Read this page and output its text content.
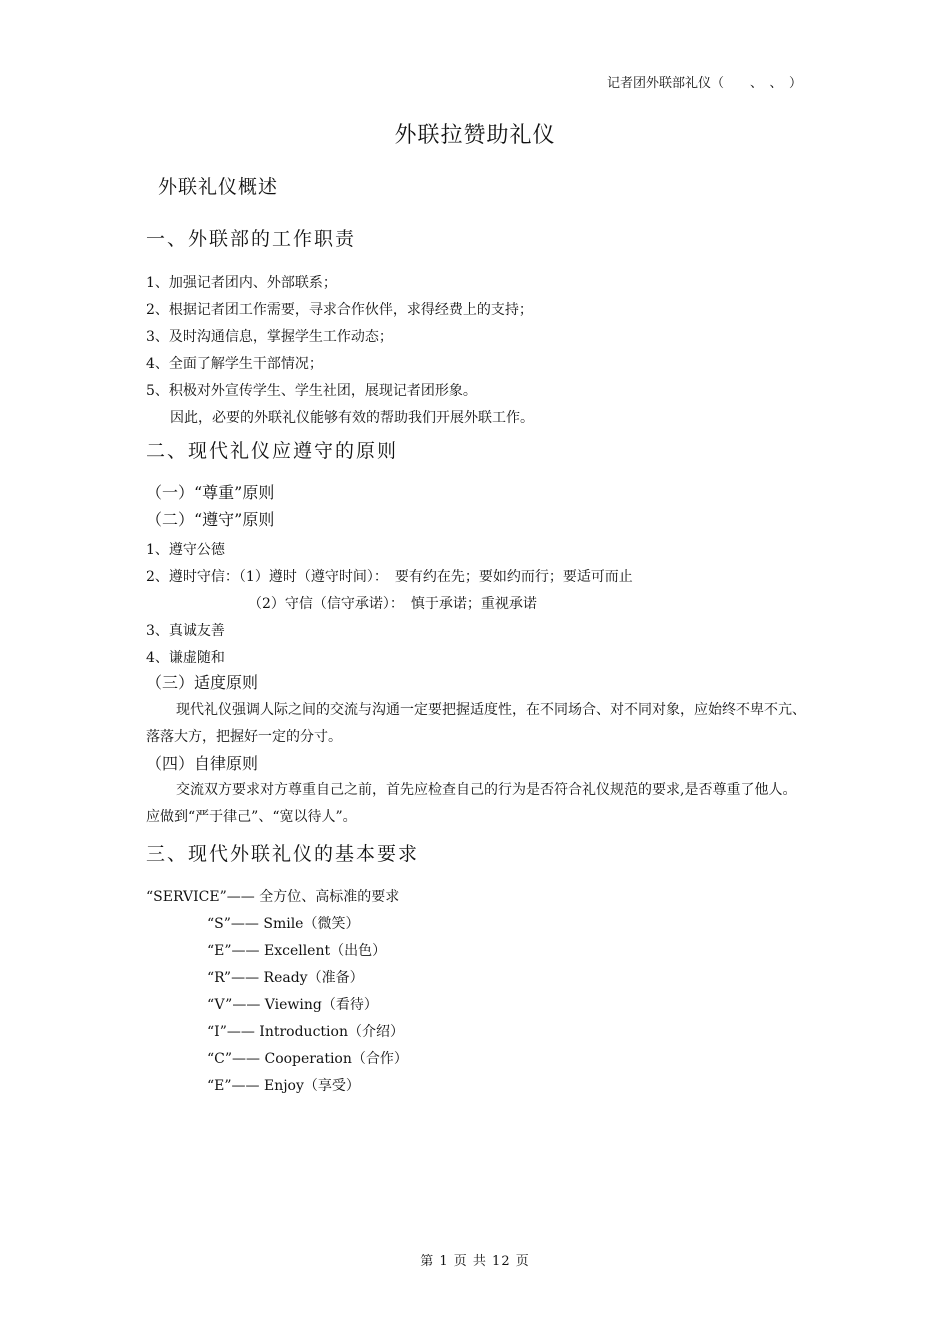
记者团外联部礼仪（　　、　、　）
外联拉赞助礼仪
外联礼仪概述
一、外联部的工作职责
1、加强记者团内、外部联系；
2、根据记者团工作需要，寻求合作伙伴，求得经费上的支持；
3、及时沟通信息，掌握学生工作动态；
4、全面了解学生干部情况；
5、积极对外宣传学生、学生社团，展现记者团形象。
因此，必要的外联礼仪能够有效的帮助我们开展外联工作。
二、现代礼仪应遵守的原则
（一）“尊重”原则
（二）“遵守”原则
1、遵守公德
2、遵时守信：（1）遵时（遵守时间）：　要有约在先；要如约而行；要适可而止
（2）守信（信守承诺）：　慎于承诺；重视承诺
3、真诚友善
4、谦虚随和
（三）适度原则
现代礼仪强调人际之间的交流与沟通一定要把握适度性，在不同场合、对不同对象，应始终不卑不亢、落落大方，把握好一定的分寸。
（四）自律原则
交流双方要求对方尊重自己之前，首先应检查自己的行为是否符合礼仪规范的要求,是否尊重了他人。应做到“严于律己”、“宽以待人”。
三、现代外联礼仪的基本要求
“SERVICE”—— 全方位、高标准的要求
“S”—— Smile（微笑）
“E”—— Excellent（出色）
“R”—— Ready（准备）
“V”—— Viewing（看待）
“I”—— Introduction（介绍）
“C”—— Cooperation（合作）
“E”—— Enjoy（享受）
第 1 页 共 12 页
